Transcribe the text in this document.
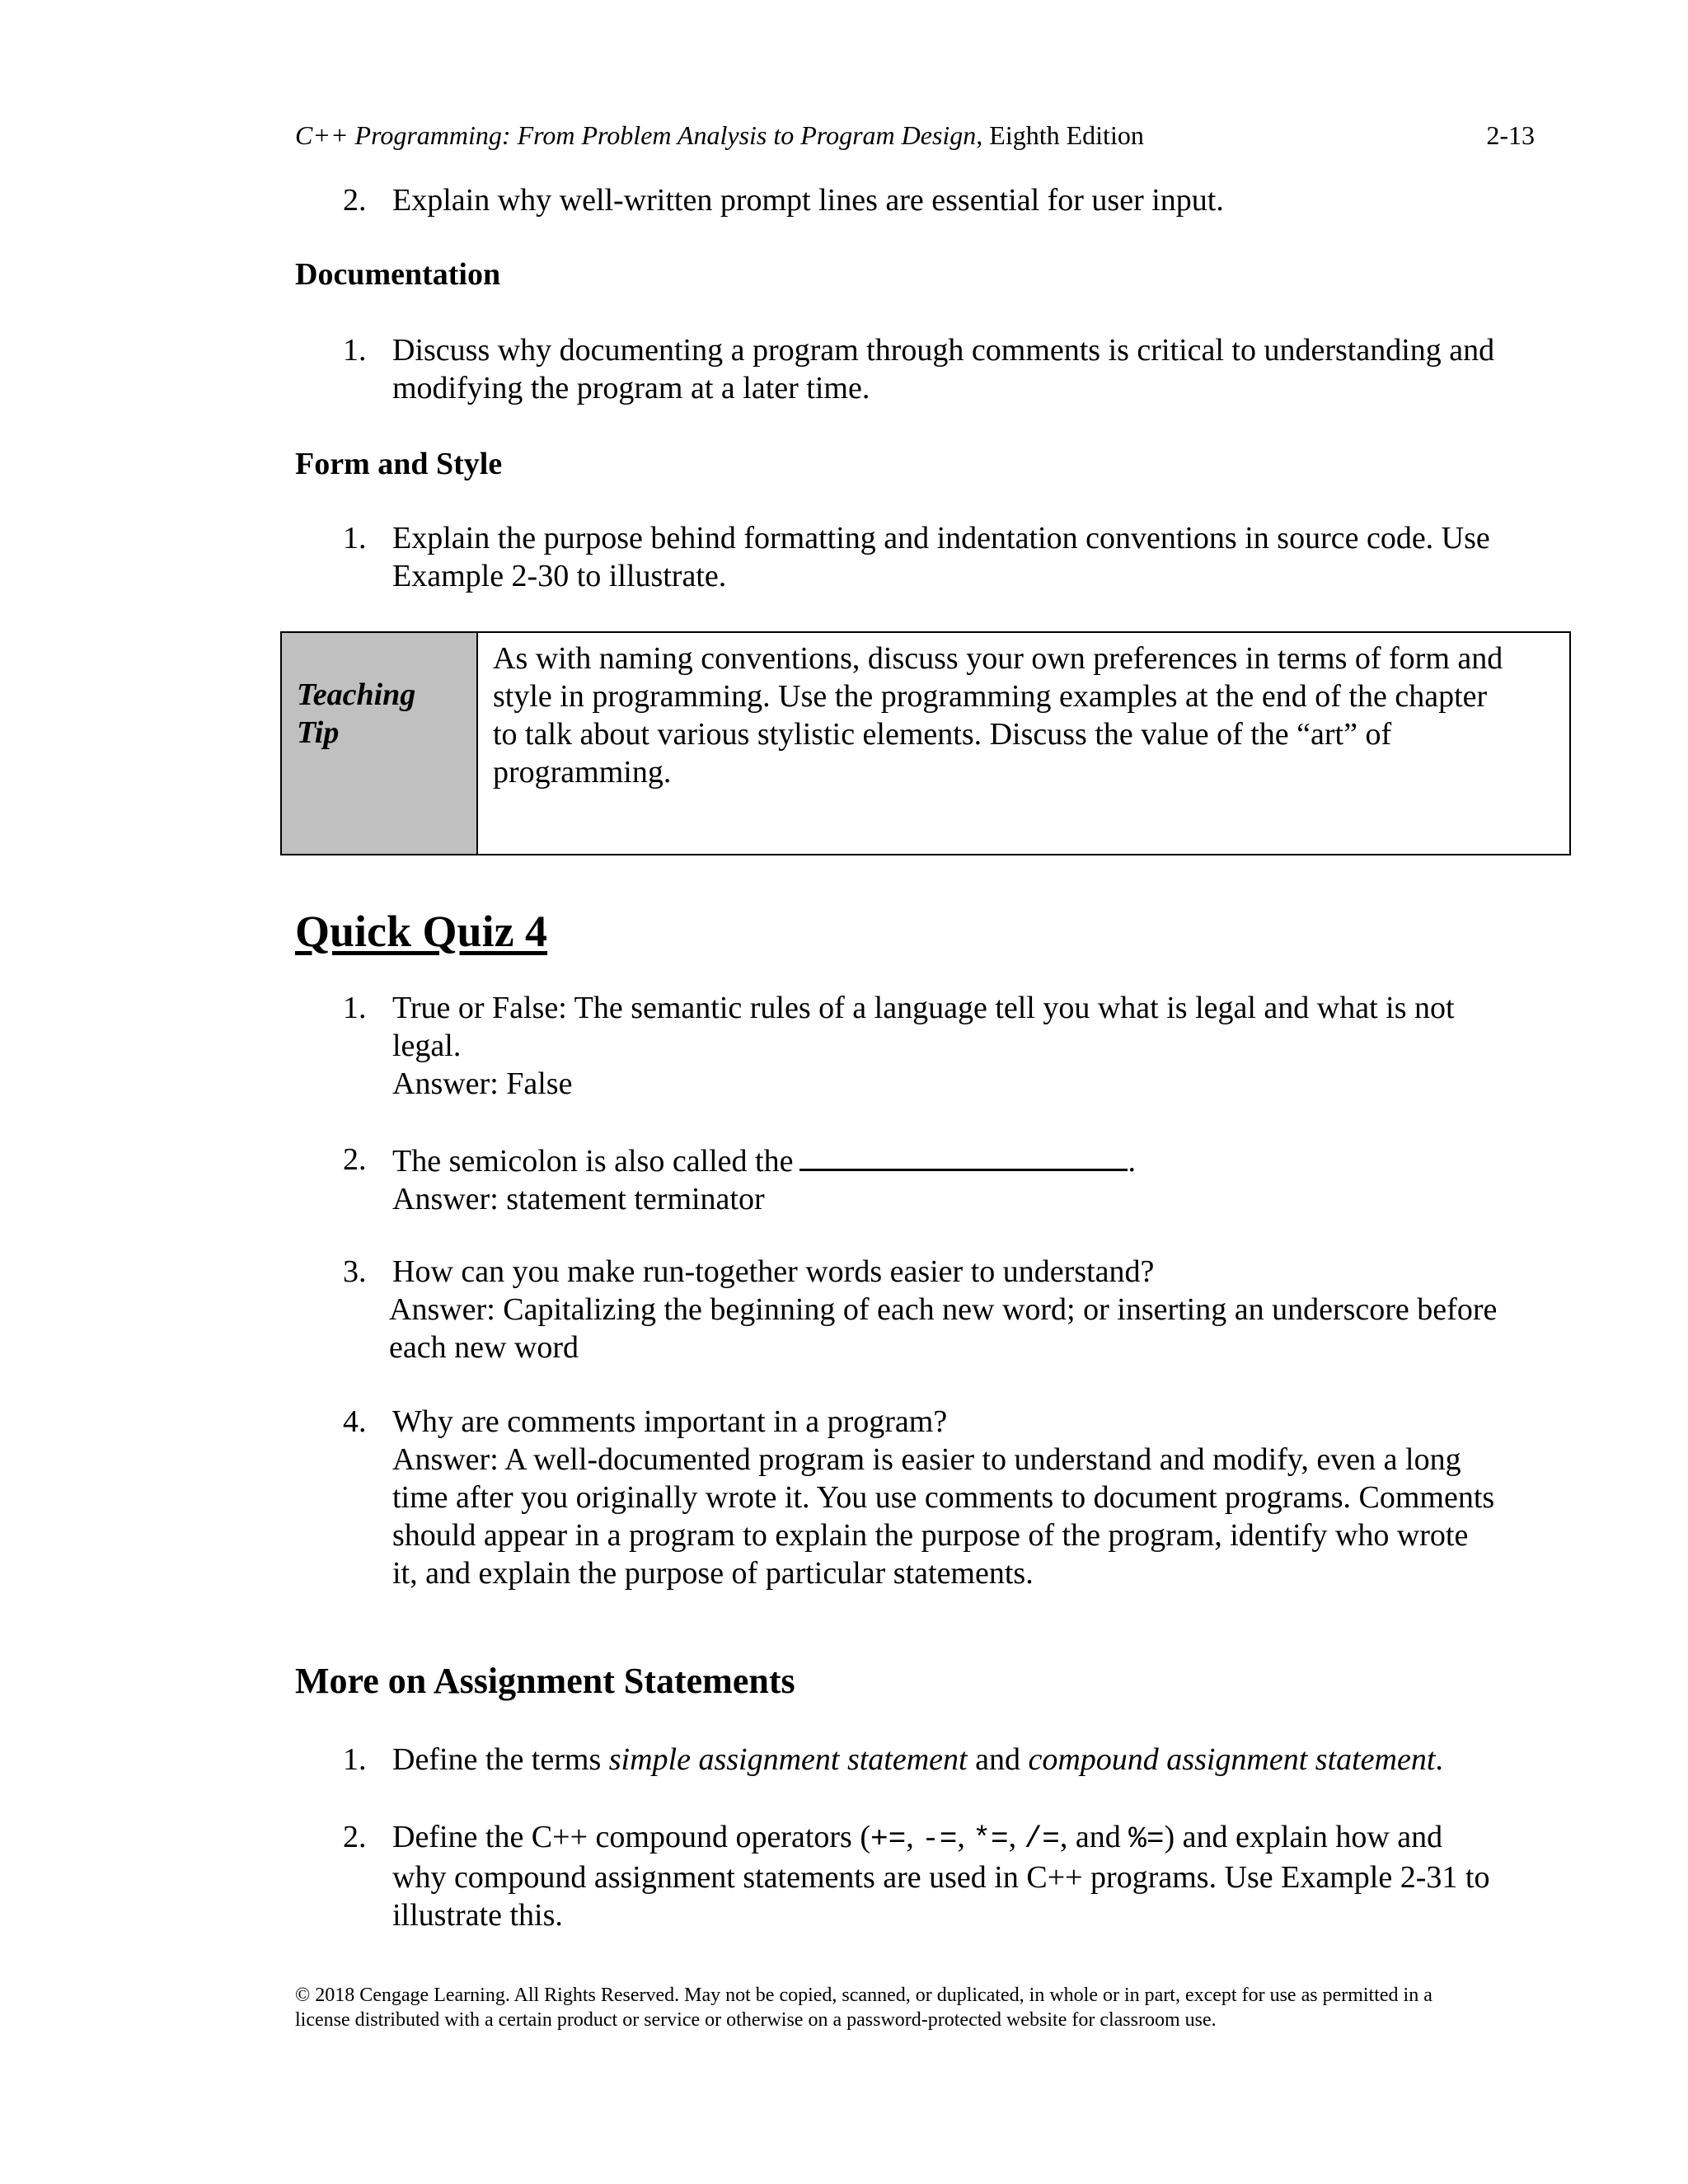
C++ Programming: From Problem Analysis to Program Design, Eighth Edition	2-13
2. Explain why well-written prompt lines are essential for user input.
Documentation
1. Discuss why documenting a program through comments is critical to understanding and
modifying the program at a later time.
Form and Style
1. Explain the purpose behind formatting and indentation conventions in source code. Use
Example 2-30 to illustrate.
Teaching
Tip
As with naming conventions, discuss your own preferences in terms of form and
style in programming. Use the programming examples at the end of the chapter
to talk about various stylistic elements. Discuss the value of the “art” of
programming.
Quick Quiz 4
1. True or False: The semantic rules of a language tell you what is legal and what is not
legal.
Answer: False
2. The semicolon is also called the	.
Answer: statement terminator
3. How can you make run-together words easier to understand?
Answer: Capitalizing the beginning of each new word; or inserting an underscore before
each new word
4. Why are comments important in a program?
Answer: A well-documented program is easier to understand and modify, even a long
time after you originally wrote it. You use comments to document programs. Comments
should appear in a program to explain the purpose of the program, identify who wrote
it, and explain the purpose of particular statements.
More on Assignment Statements
1. Define the terms simple assignment statement and compound assignment statement.
2. Define the C++ compound operators (+=, -=, *=, /=, and %=) and explain how and
why compound assignment statements are used in C++ programs. Use Example 2-31 to
illustrate this.
© 2018 Cengage Learning. All Rights Reserved. May not be copied, scanned, or duplicated, in whole or in part, except for use as permitted in a
license distributed with a certain product or service or otherwise on a password-protected website for classroom use.
